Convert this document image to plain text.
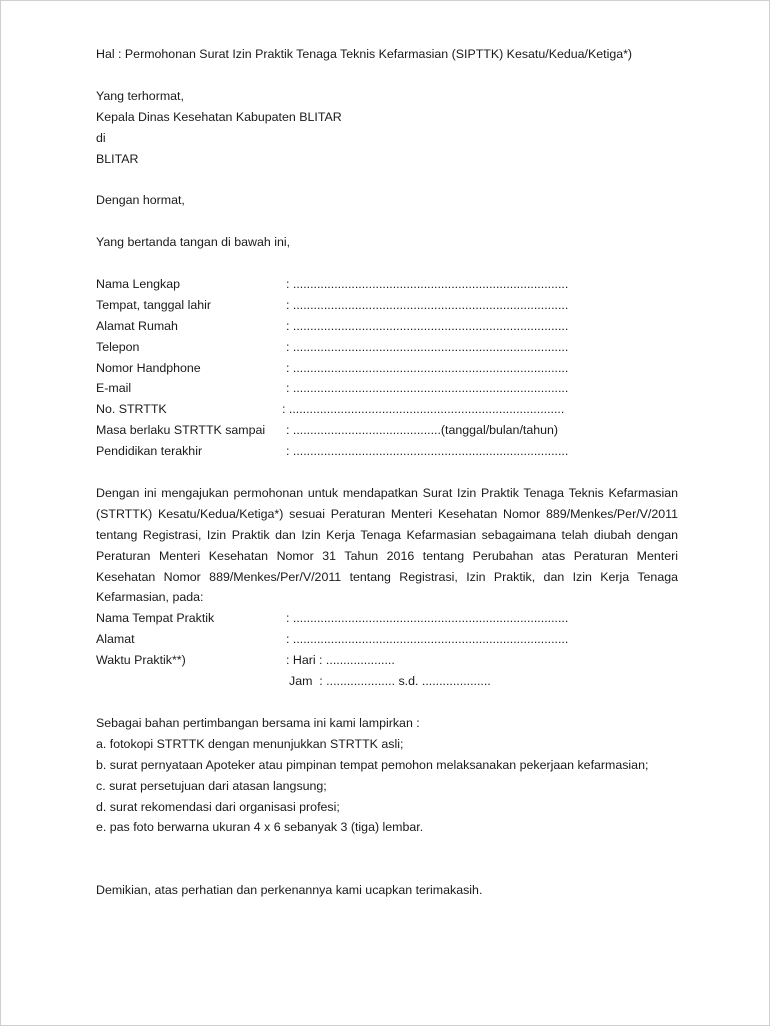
Hal : Permohonan Surat Izin Praktik Tenaga Teknis Kefarmasian (SIPTTK) Kesatu/Kedua/Ketiga*)
Yang terhormat,
Kepala Dinas Kesehatan Kabupaten BLITAR
di
BLITAR
Dengan hormat,
Yang bertanda tangan di bawah ini,
Nama Lengkap	: ................................................................................
Tempat, tanggal lahir	: ................................................................................
Alamat Rumah	: ................................................................................
Telepon	: ................................................................................
Nomor Handphone	: ................................................................................
E-mail	: ................................................................................
No. STRTTK	: ................................................................................
Masa berlaku STRTTK sampai	: ...........................................(tanggal/bulan/tahun)
Pendidikan terakhir	: ................................................................................
Dengan ini mengajukan permohonan untuk mendapatkan Surat Izin Praktik Tenaga Teknis Kefarmasian (STRTTK) Kesatu/Kedua/Ketiga*) sesuai Peraturan Menteri Kesehatan Nomor 889/Menkes/Per/V/2011 tentang Registrasi, Izin Praktik dan Izin Kerja Tenaga Kefarmasian sebagaimana telah diubah dengan Peraturan Menteri Kesehatan Nomor 31 Tahun 2016 tentang Perubahan atas Peraturan Menteri Kesehatan Nomor 889/Menkes/Per/V/2011 tentang Registrasi, Izin Praktik, dan Izin Kerja Tenaga Kefarmasian, pada:
Nama Tempat Praktik	: ................................................................................
Alamat	: ................................................................................
Waktu Praktik**)	: Hari : ....................
Jam  : .................... s.d. ....................
Sebagai bahan pertimbangan bersama ini kami lampirkan :
a. fotokopi STRTTK dengan menunjukkan STRTTK asli;
b. surat pernyataan Apoteker atau pimpinan tempat pemohon melaksanakan pekerjaan kefarmasian;
c. surat persetujuan dari atasan langsung;
d. surat rekomendasi dari organisasi profesi;
e. pas foto berwarna ukuran 4 x 6 sebanyak 3 (tiga) lembar.
Demikian, atas perhatian dan perkenannya kami ucapkan terimakasih.
